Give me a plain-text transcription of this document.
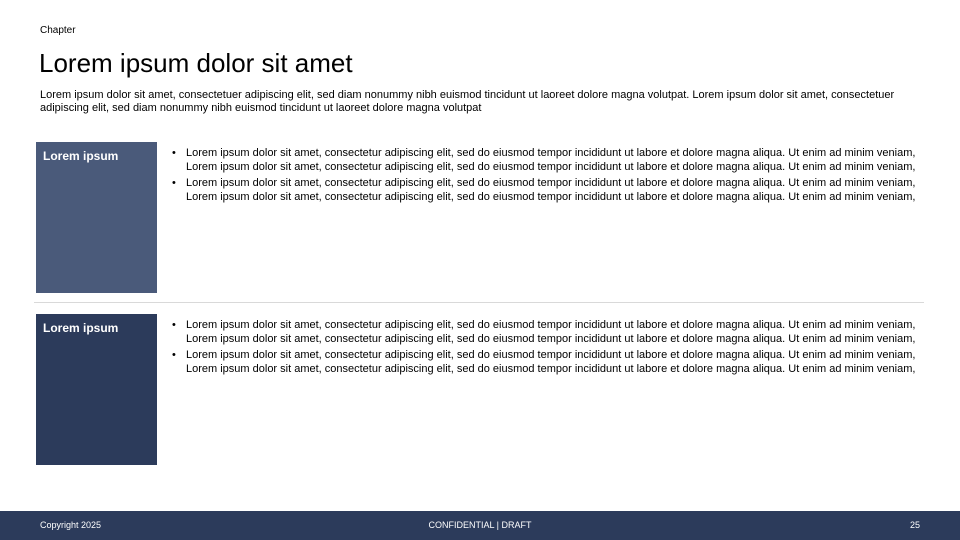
Chapter
Lorem ipsum dolor sit amet

Lorem ipsum dolor sit amet, consectetuer adipiscing elit, sed diam nonummy nibh euismod tincidunt ut laoreet dolore magna volutpat. Lorem ipsum dolor sit amet, consectetuer adipiscing elit, sed diam nonummy nibh euismod tincidunt ut laoreet dolore magna volutpat

Lorem ipsum	• Lorem ipsum dolor sit amet, consectetur adipiscing elit, sed do eiusmod tempor incididunt ut labore et dolore magna aliqua. Ut enim ad minim veniam, Lorem ipsum dolor sit amet, consectetur adipiscing elit, sed do eiusmod tempor incididunt ut labore et dolore magna aliqua. Ut enim ad minim veniam,
• Lorem ipsum dolor sit amet, consectetur adipiscing elit, sed do eiusmod tempor incididunt ut labore et dolore magna aliqua. Ut enim ad minim veniam, Lorem ipsum dolor sit amet, consectetur adipiscing elit, sed do eiusmod tempor incididunt ut labore et dolore magna aliqua. Ut enim ad minim veniam,
Lorem ipsum	• Lorem ipsum dolor sit amet, consectetur adipiscing elit, sed do eiusmod tempor incididunt ut labore et dolore magna aliqua. Ut enim ad minim veniam, Lorem ipsum dolor sit amet, consectetur adipiscing elit, sed do eiusmod tempor incididunt ut labore et dolore magna aliqua. Ut enim ad minim veniam,
• Lorem ipsum dolor sit amet, consectetur adipiscing elit, sed do eiusmod tempor incididunt ut labore et dolore magna aliqua. Ut enim ad minim veniam, Lorem ipsum dolor sit amet, consectetur adipiscing elit, sed do eiusmod tempor incididunt ut labore et dolore magna aliqua. Ut enim ad minim veniam,
Copyright 2025	CONFIDENTIAL | DRAFT	25
